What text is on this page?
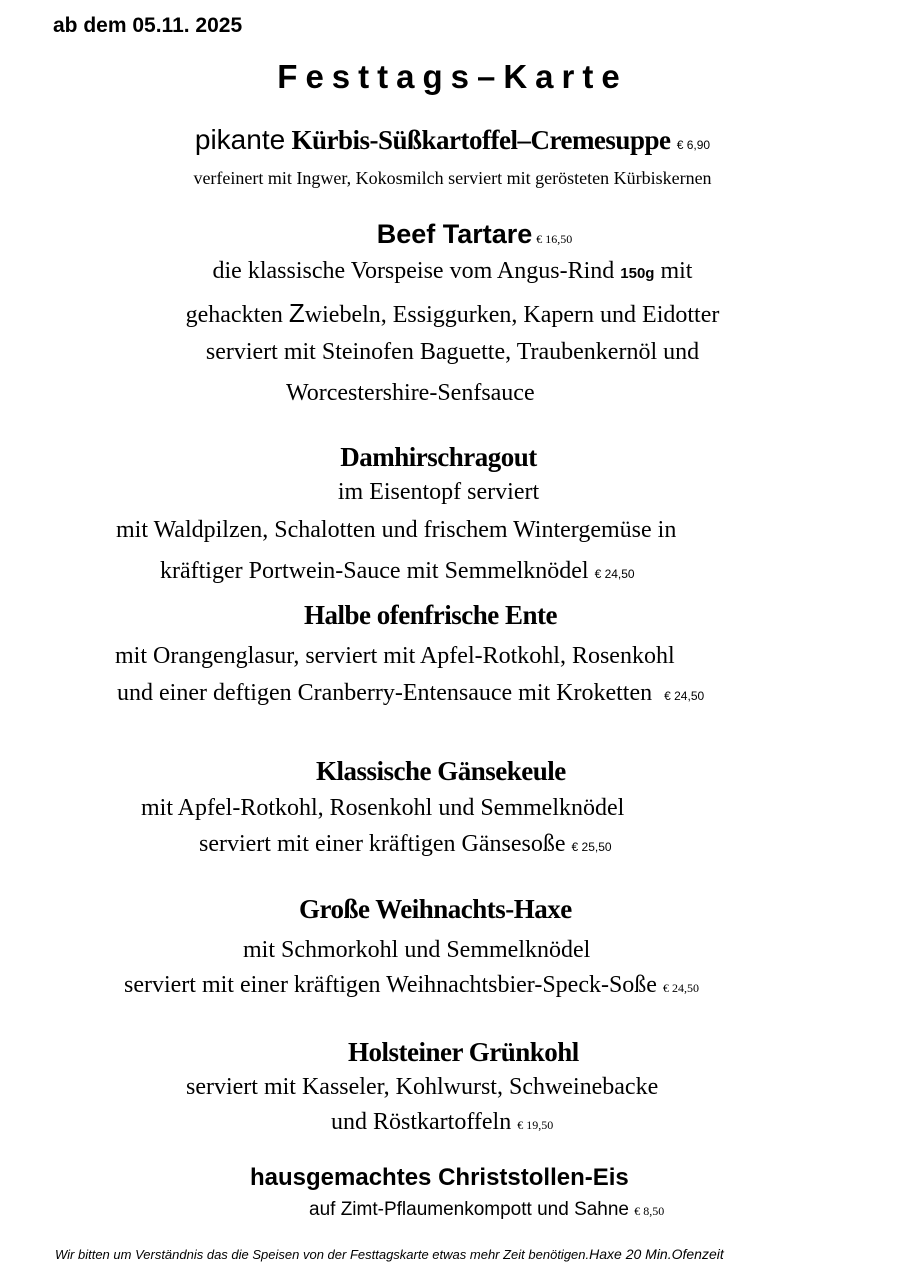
ab dem 05.11. 2025
Festtags–Karte
pikante Kürbis-Süßkartoffel–Cremesuppe € 6,90
verfeinert mit Ingwer, Kokosmilch serviert mit gerösteten Kürbiskernen
Beef Tartare € 16,50
die klassische Vorspeise vom Angus-Rind 150g mit
gehackten Zwiebeln, Essiggurken, Kapern und Eidotter
serviert mit Steinofen Baguette, Traubenkernöl und
Worcestershire-Senfsauce
Damhirschragout
im Eisentopf serviert
mit Waldpilzen, Schalotten und frischem Wintergemüse in
kräftiger Portwein-Sauce mit Semmelknödel € 24,50
Halbe ofenfrische Ente
mit Orangenglasur, serviert mit Apfel-Rotkohl, Rosenkohl
und einer deftigen Cranberry-Entensauce mit Kroketten € 24,50
Klassische Gänsekeule
mit Apfel-Rotkohl, Rosenkohl und Semmelknödel
serviert mit einer kräftigen Gänsesoße € 25,50
Große Weihnachts-Haxe
mit Schmorkohl und Semmelknödel
serviert mit einer kräftigen Weihnachtsbier-Speck-Soße € 24,50
Holsteiner Grünkohl
serviert mit Kasseler, Kohlwurst, Schweinebacke
und Röstkartoffeln € 19,50
hausgemachtes Christstollen-Eis
auf Zimt-Pflaumenkompott und Sahne € 8,50
Wir bitten um Verständnis das die Speisen von der Festtagskarte etwas mehr Zeit benötigen.Haxe 20 Min.Ofenzeit
